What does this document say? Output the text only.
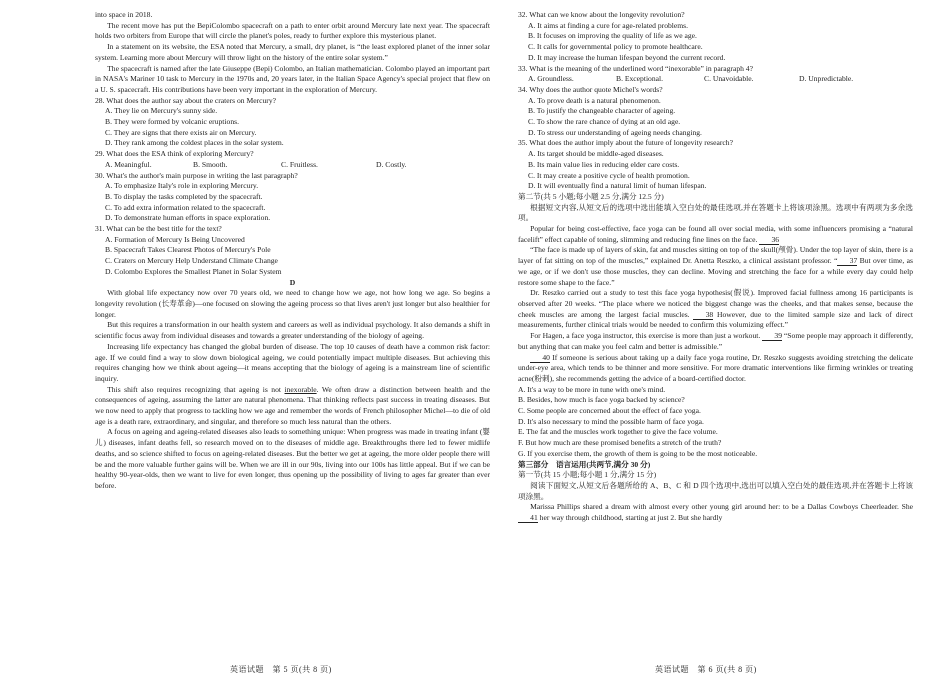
into space in 2018.

The recent move has put the BepiColombo spacecraft on a path to enter orbit around Mercury late next year. The spacecraft holds two orbiters from Europe that will circle the planet's poles, ready to further explore this mysterious planet.

In a statement on its website, the ESA noted that Mercury, a small, dry planet, is “the least explored planet of the inner solar system. Learning more about Mercury will throw light on the history of the entire solar system.”

The spacecraft is named after the late Giuseppe (Bepi) Colombo, an Italian mathematician. Colombo played an important part in NASA's Mariner 10 task to Mercury in the 1970s and, 20 years later, in the Italian Space Agency's special project that flew on a U. S. spacecraft. His contributions have been very important in the exploration of Mercury.

28. What does the author say about the craters on Mercury?

A. They lie on Mercury's sunny side.

B. They were formed by volcanic eruptions.

C. They are signs that there exists air on Mercury.

D. They rank among the coldest places in the solar system.

29. What does the ESA think of exploring Mercury?

A. Meaningful.	B. Smooth.	C. Fruitless.	D. Costly.

30. What's the author's main purpose in writing the last paragraph?

A. To emphasize Italy's role in exploring Mercury.

B. To display the tasks completed by the spacecraft.

C. To add extra information related to the spacecraft.

D. To demonstrate human efforts in space exploration.

31. What can be the best title for the text?

A. Formation of Mercury Is Being Uncovered

B. Spacecraft Takes Clearest Photos of Mercury's Pole

C. Craters on Mercury Help Understand Climate Change

D. Colombo Explores the Smallest Planet in Solar System

D

With global life expectancy now over 70 years old, we need to change how we age, not how long we age. So begins a longevity revolution (长寿革命)—one focused on slowing the ageing process so that lives aren't just longer but also healthier for longer.

But this requires a transformation in our health system and careers as well as individual psychology. It also demands a shift in scientific focus away from individual diseases and towards a greater understanding of the biology of ageing.

Increasing life expectancy has changed the global burden of disease. The top 10 causes of death have a common risk factor: age. If we could find a way to slow down biological ageing, we could potentially impact multiple diseases. But achieving this requires changing how we think about ageing—it means accepting that the biology of ageing is a mainstream line of scientific inquiry.

This shift also requires recognizing that ageing is not inexorable. We often draw a distinction between health and the consequences of ageing, assuming the latter are natural phenomena. That thinking reflects past success in treating diseases. But we now need to apply that progress to tackling how we age and remember the words of French philosopher Michel—to die of old age is a death rare, extraordinary, and singular, and therefore so much less natural than the others.

A focus on ageing and ageing-related diseases also leads to something unique: When progress was made in treating infant (婴儿) diseases, infant deaths fell, so research moved on to the diseases of middle age. Breakthroughs there led to fewer midlife deaths, and so science shifted to focus on ageing-related diseases. But the better we get at ageing, the more older people there will be and the more valuable further gains will be. When we are ill in our 90s, living into our 100s has little appeal. But if we can be healthy 90-year-olds, then we want to live for even longer, thus opening up the possibility of living to ages far greater than ever before.

32. What can we know about the longevity revolution?

A. It aims at finding a cure for age-related problems.

B. It focuses on improving the quality of life as we age.

C. It calls for governmental policy to promote healthcare.

D. It may increase the human lifespan beyond the current record.

33. What is the meaning of the underlined word “inexorable” in paragraph 4?

A. Groundless.	B. Exceptional.	C. Unavoidable.	D. Unpredictable.

34. Why does the author quote Michel's words?

A. To prove death is a natural phenomenon.

B. To justify the changeable character of ageing.

C. To show the rare chance of dying at an old age.

D. To stress our understanding of ageing needs changing.

35. What does the author imply about the future of longevity research?

A. Its target should be middle-aged diseases.

B. Its main value lies in reducing elder care costs.

C. It may create a positive cycle of health promotion.

D. It will eventually find a natural limit of human lifespan.

第二节(共 5 小题;每小题 2.5 分,满分 12.5 分)

根据短文内容,从短文后的选项中选出能填入空白处的最佳选项,并在答题卡上将该项涂黑。选项中有两项为多余选项。

Popular for being cost-effective, face yoga can be found all over social media, with some influencers promising a “natural facelift” effect capable of toning, slimming and reducing fine lines on the face. 36

“The face is made up of layers of skin, fat and muscles sitting on top of the skull(颅骨). Under the top layer of skin, there is a layer of fat sitting on top of the muscles,” explained Dr. Anetta Reszko, a clinical assistant professor. “ 37 But over time, as we age, or if we don't use those muscles, they can decline. Moving and stretching the face for a while every day could help restore some shape to the face.”

Dr. Reszko carried out a study to test this face yoga hypothesis(假说). Improved facial fullness among 16 participants is observed after 20 weeks. “The place where we noticed the biggest change was the cheeks, and that makes sense, because the cheek muscles are among the largest facial muscles. 38 However, due to the limited sample size and lack of direct measurements, further clinical trials would be needed to confirm this volumizing effect.”

For Hagen, a face yoga instructor, this exercise is more than just a workout. 39 “Some people may approach it differently, but anything that can make you feel calm and better is admissible.”

40 If someone is serious about taking up a daily face yoga routine, Dr. Reszko suggests avoiding stretching the delicate under-eye area, which tends to be thinner and more sensitive. For more dramatic interventions like firming wrinkles or treating acne(粉刺), she recommends getting the advice of a board-certified doctor.

A. It's a way to be more in tune with one's mind.

B. Besides, how much is face yoga backed by science?

C. Some people are concerned about the effect of face yoga.

D. It's also necessary to mind the possible harm of face yoga.

E. The fat and the muscles work together to give the face volume.

F. But how much are these promised benefits a stretch of the truth?

G. If you exercise them, the growth of them is going to be the most noticeable.

第三部分　语言运用(共两节,满分 30 分)

第一节(共 15 小题;每小题 1 分,满分 15 分)

阅读下面短文,从短文后各题所给的 A、B、C 和 D 四个选项中,选出可以填入空白处的最佳选项,并在答题卡上将该项涂黑。

Marissa Phillips shared a dream with almost every other young girl around her: to be a Dallas Cowboys Cheerleader. She 41 her way through childhood, starting at just 2. But she hardly

英语试题　第 5 页(共 8 页)	英语试题　第 6 页(共 8 页)
